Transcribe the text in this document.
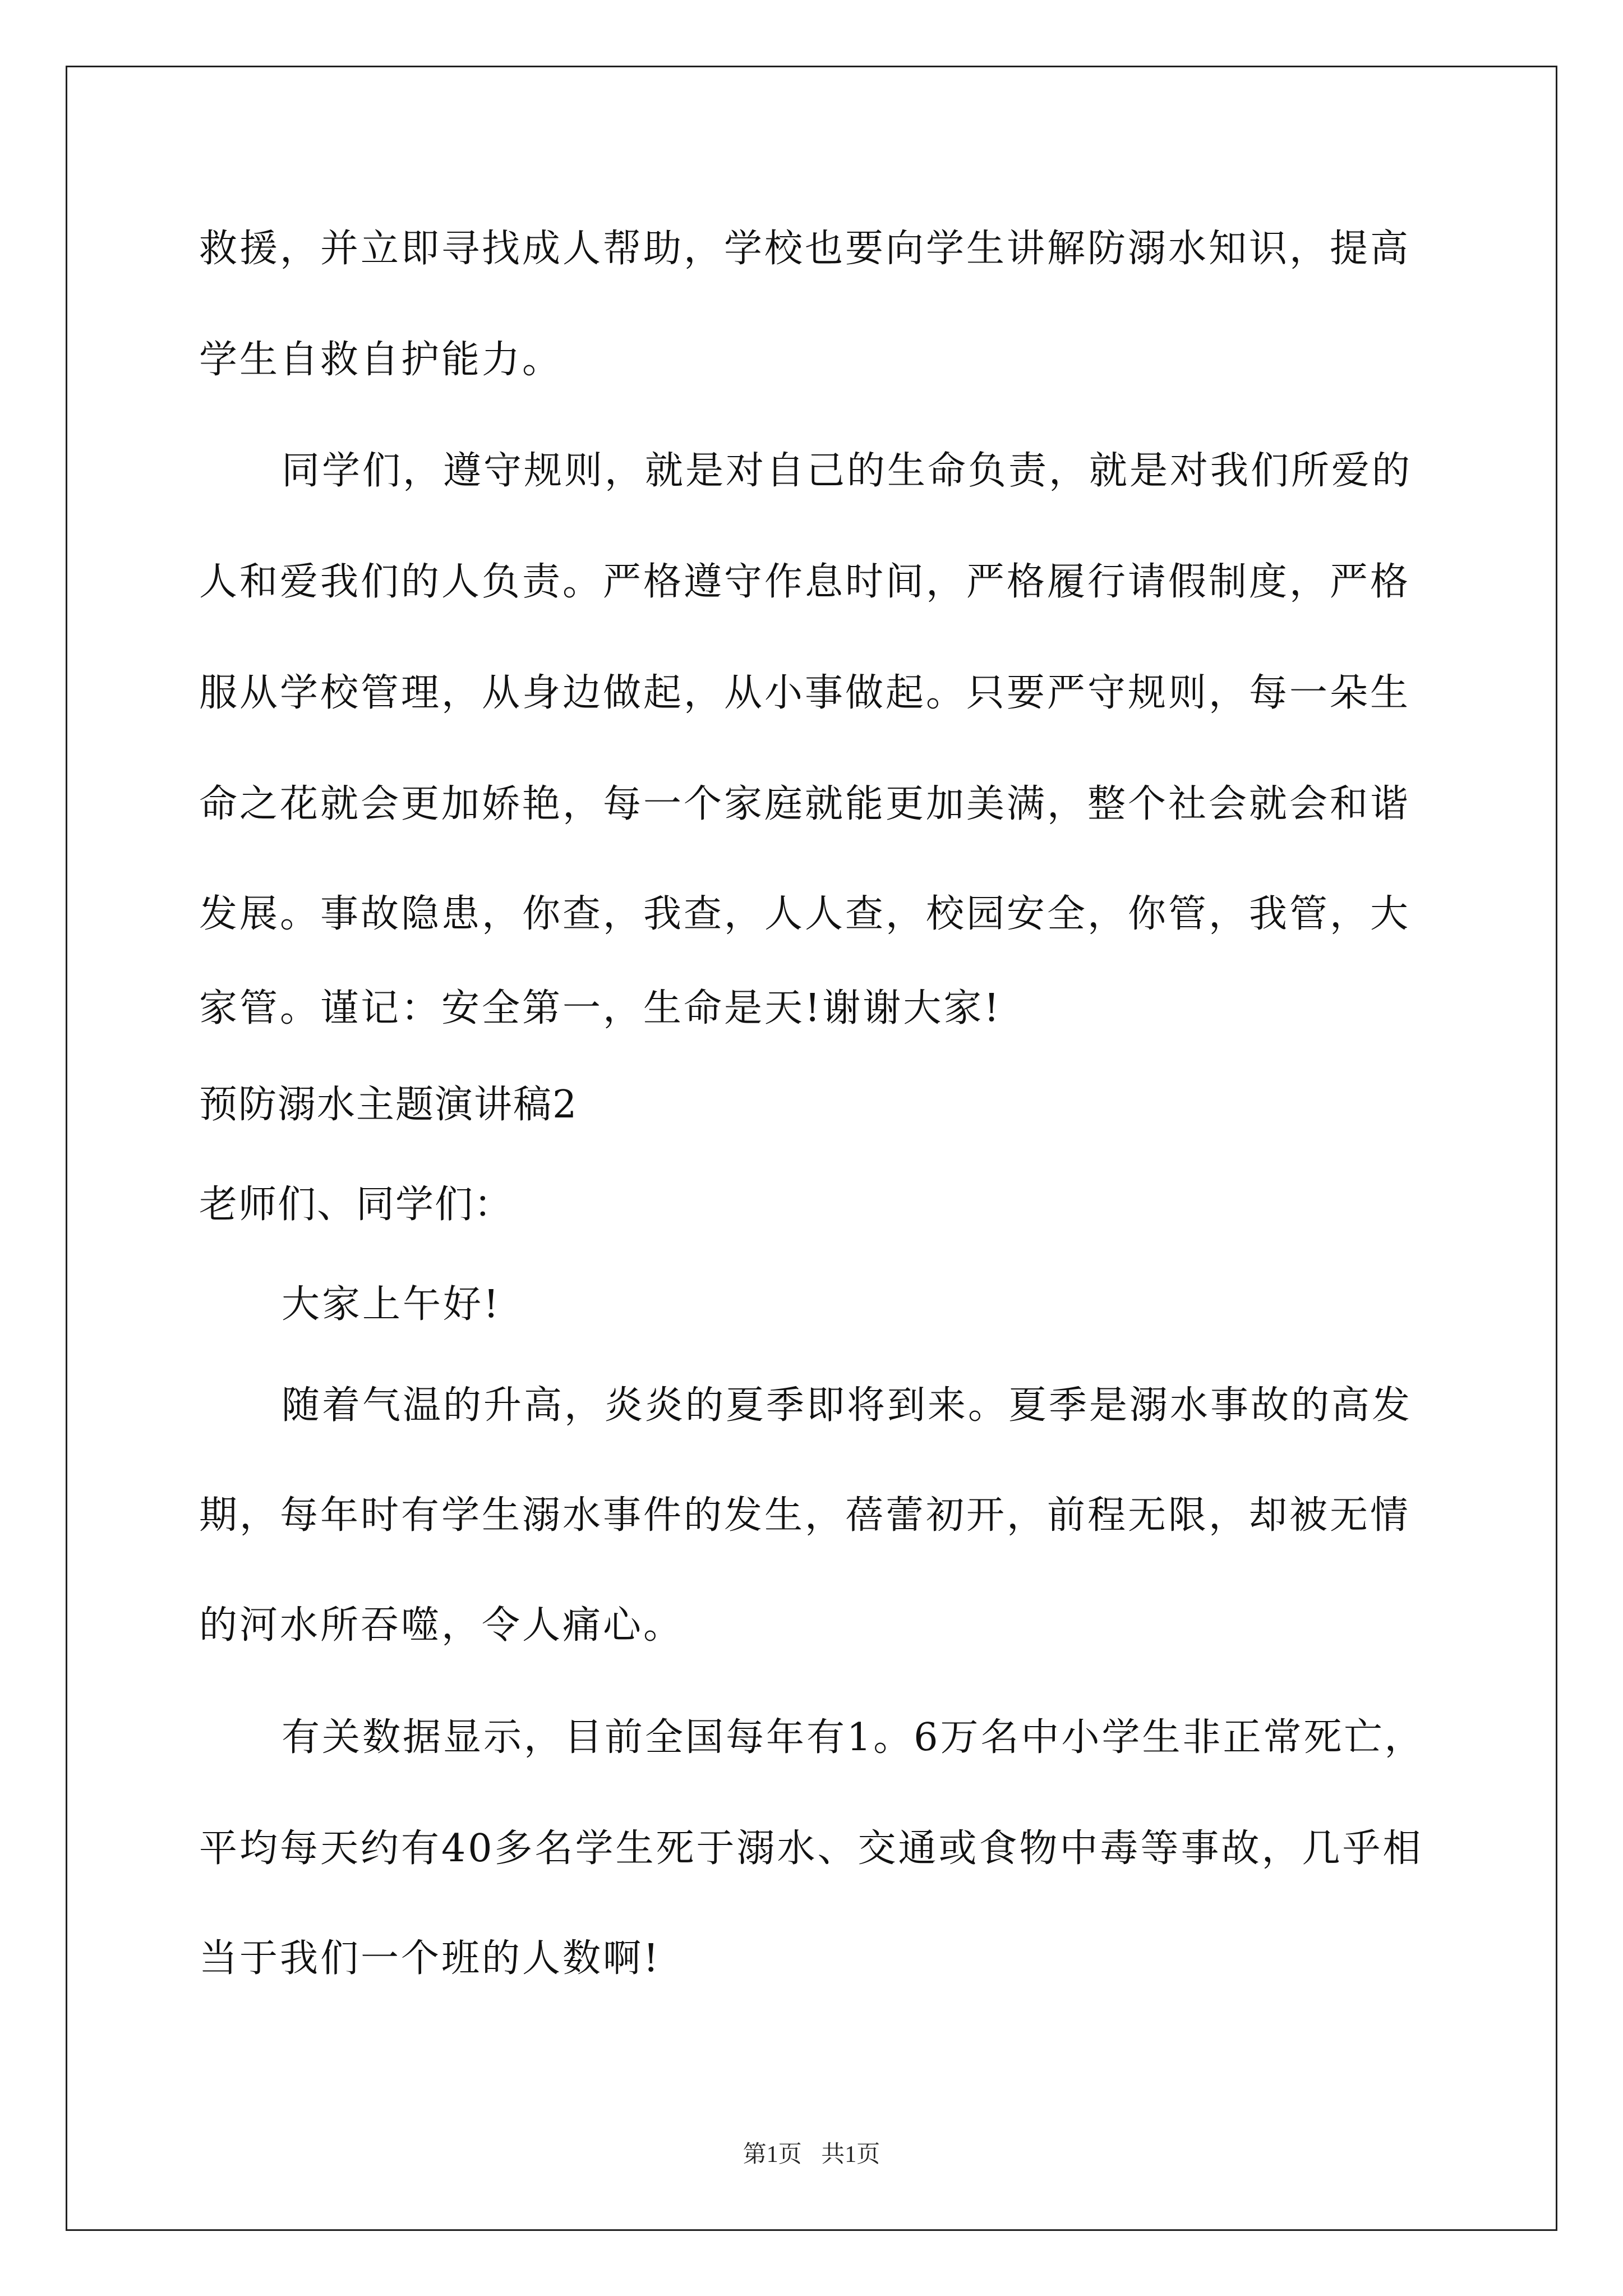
救援，并立即寻找成人帮助，学校也要向学生讲解防溺水知识，提高
学生自救自护能力。
同学们，遵守规则，就是对自己的生命负责，就是对我们所爱的
人和爱我们的人负责。严格遵守作息时间，严格履行请假制度，严格
服从学校管理，从身边做起，从小事做起。只要严守规则，每一朵生
命之花就会更加娇艳，每一个家庭就能更加美满，整个社会就会和谐
发展。事故隐患，你查，我查，人人查，校园安全，你管，我管，大
家管。谨记：安全第一，生命是天!谢谢大家!
预防溺水主题演讲稿2
老师们、同学们：
大家上午好!
随着气温的升高，炎炎的夏季即将到来。夏季是溺水事故的高发
期，每年时有学生溺水事件的发生，蓓蕾初开，前程无限，却被无情
的河水所吞噬，令人痛心。
有关数据显示，目前全国每年有1。6万名中小学生非正常死亡，
平均每天约有40多名学生死于溺水、交通或食物中毒等事故，几乎相
当于我们一个班的人数啊!
第1页 共1页
